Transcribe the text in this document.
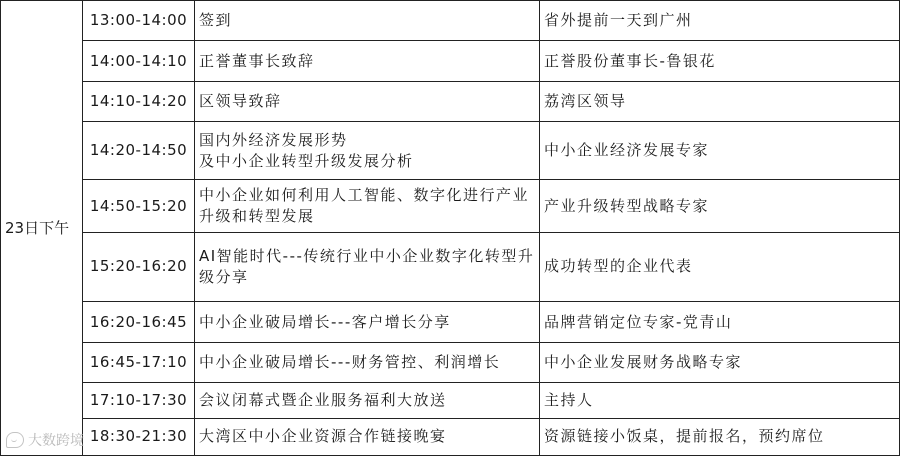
23日下午	13:00-14:00	签到	省外提前一天到广州
	14:00-14:10	正誉董事长致辞	正誉股份董事长-鲁银花
	14:10-14:20	区领导致辞	荔湾区领导
	14:20-14:50	国内外经济发展形势
及中小企业转型升级发展分析	中小企业经济发展专家
	14:50-15:20	中小企业如何利用人工智能、数字化进行产业升级和转型发展	产业升级转型战略专家
	15:20-16:20	AI智能时代---传统行业中小企业数字化转型升级分享	成功转型的企业代表
	16:20-16:45	中小企业破局增长---客户增长分享	品牌营销定位专家-党青山
	16:45-17:10	中小企业破局增长---财务管控、利润增长	中小企业发展财务战略专家
	17:10-17:30	会议闭幕式暨企业服务福利大放送	主持人
	18:30-21:30	大湾区中小企业资源合作链接晚宴	资源链接小饭桌，提前报名，预约席位
大数跨境
